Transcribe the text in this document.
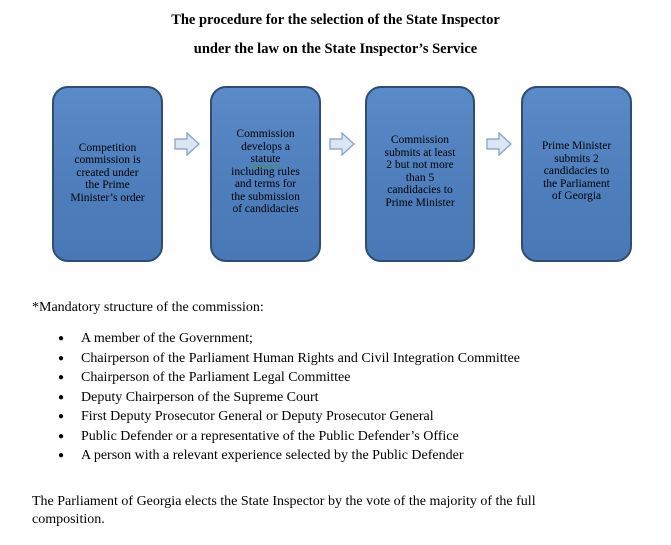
The procedure for the selection of the State Inspector
under the law on the State Inspector’s Service
Competition
commission is
created under
the Prime
Minister’s order
Commission
develops a
statute
including rules
and terms for
the submission
of candidacies
Commission
submits at least
2 but not more
than 5
candidacies to
Prime Minister
Prime Minister
submits 2
candidacies to
the Parliament
of Georgia

*Mandatory structure of the commission:

● A member of the Government;
● Chairperson of the Parliament Human Rights and Civil Integration Committee
● Chairperson of the Parliament Legal Committee
● Deputy Chairperson of the Supreme Court
● First Deputy Prosecutor General or Deputy Prosecutor General
● Public Defender or a representative of the Public Defender’s Office
● A person with a relevant experience selected by the Public Defender

The Parliament of Georgia elects the State Inspector by the vote of the majority of the full composition.
